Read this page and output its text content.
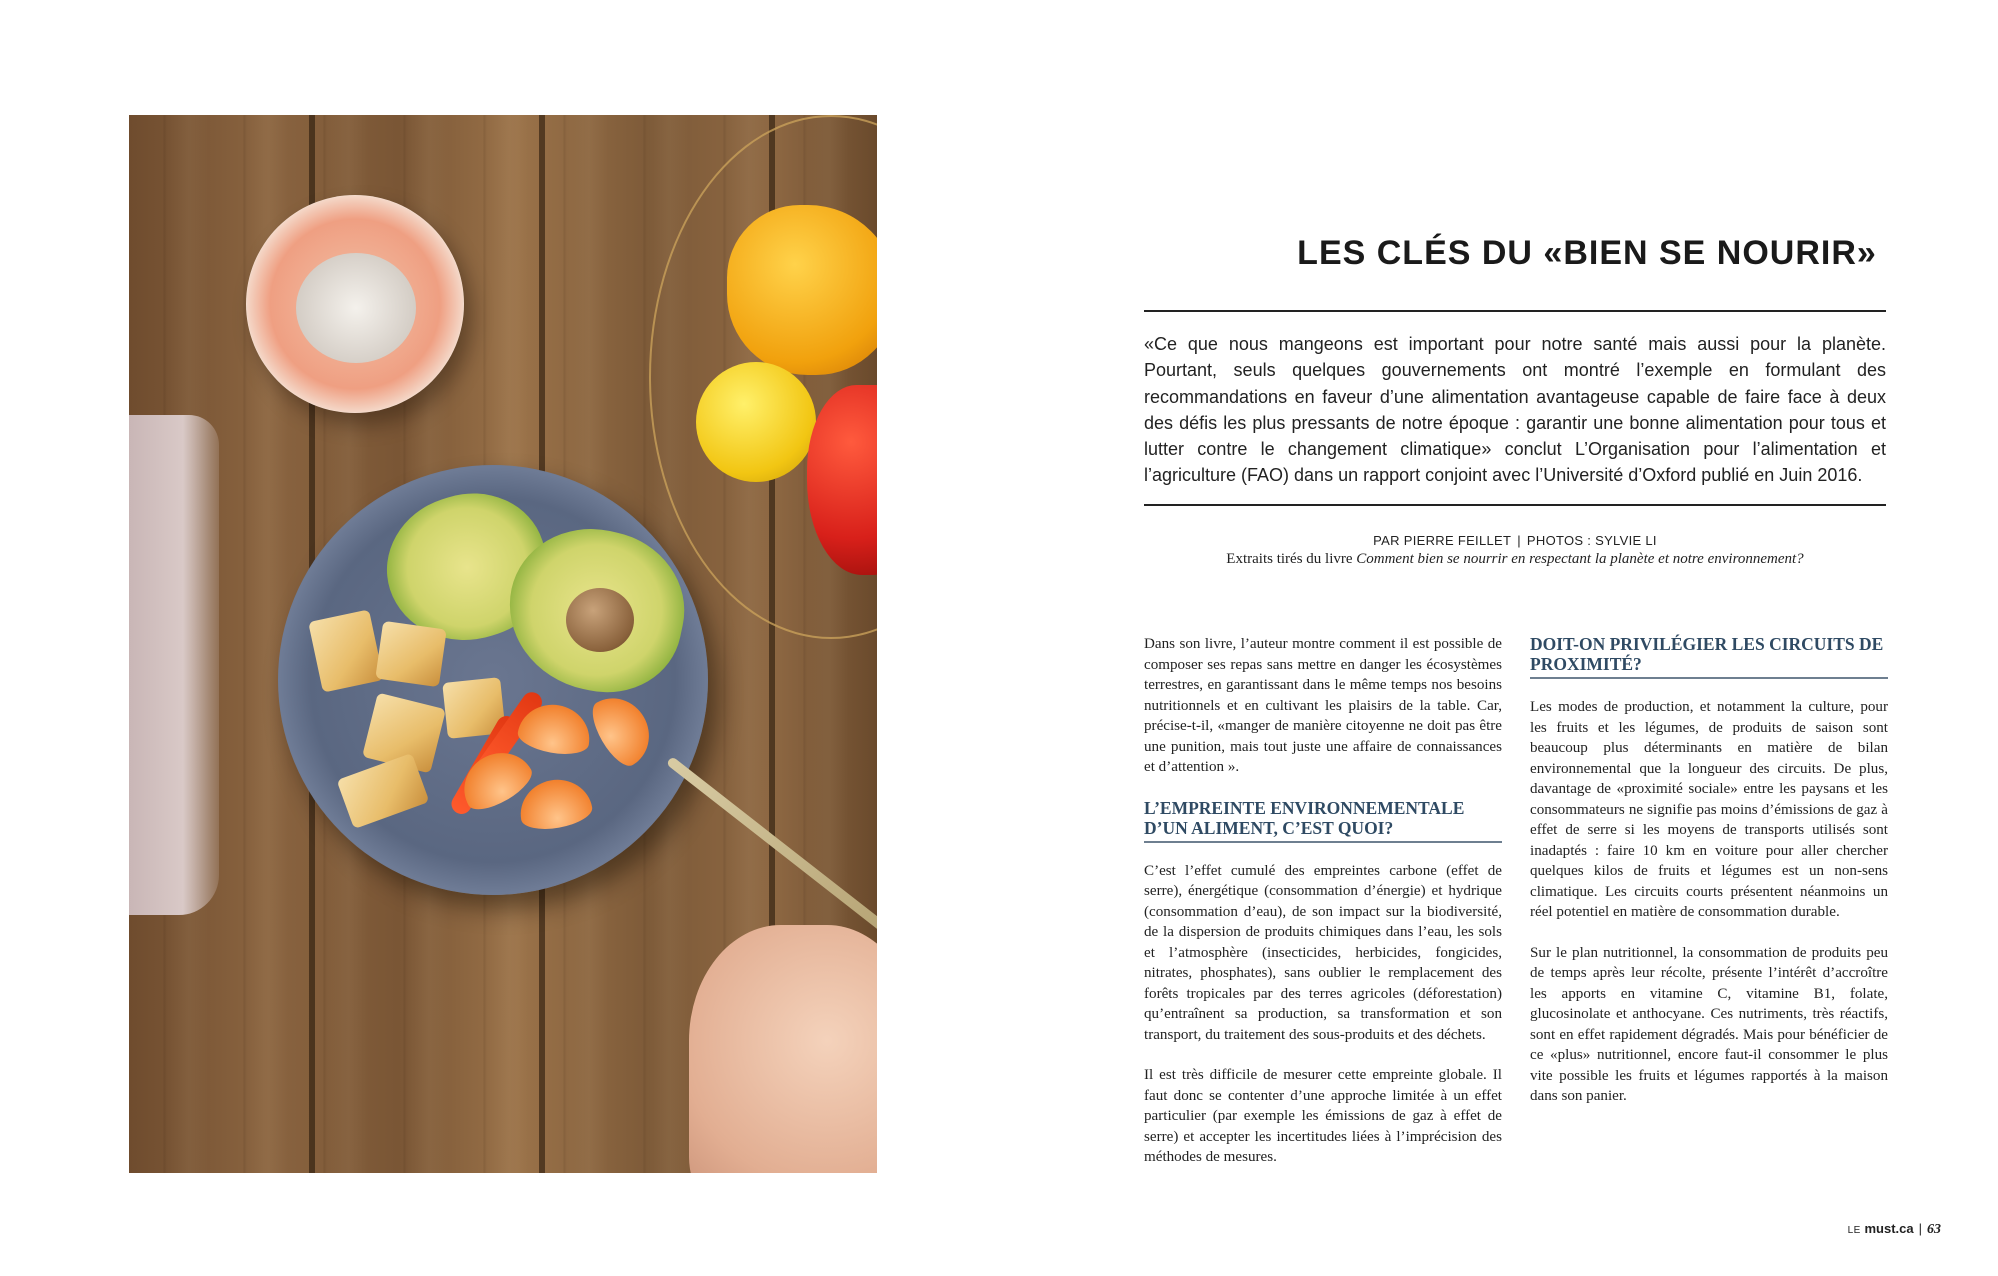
LES CLÉS DU «BIEN SE NOURIR»

«Ce que nous mangeons est important pour notre santé mais aussi pour la planète. Pourtant, seuls quelques gouvernements ont montré l’exemple en formulant des recommandations en faveur d’une alimentation avantageuse capable de faire face à deux des défis les plus pressants de notre époque : garantir une bonne alimentation pour tous et lutter contre le changement climatique» conclut L’Organisation pour l’alimentation et l’agriculture (FAO) dans un rapport conjoint avec l’Université d’Oxford publié en Juin 2016.

PAR PIERRE FEILLET | PHOTOS : SYLVIE LI
Extraits tirés du livre Comment bien se nourrir en respectant la planète et notre environnement?

Dans son livre, l’auteur montre comment il est possible de composer ses repas sans mettre en danger les écosystèmes terrestres, en garantissant dans le même temps nos besoins nutritionnels et en cultivant les plaisirs de la table. Car, précise-t-il, «manger de manière citoyenne ne doit pas être une punition, mais tout juste une affaire de connaissances et d’attention ».

L’EMPREINTE ENVIRONNEMENTALE D’UN ALIMENT, C’EST QUOI?

C’est l’effet cumulé des empreintes carbone (effet de serre), énergétique (consommation d’énergie) et hydrique (consommation d’eau), de son impact sur la biodiversité, de la dispersion de produits chimiques dans l’eau, les sols et l’atmosphère (insecticides, herbicides, fongicides, nitrates, phosphates), sans oublier le remplacement des forêts tropicales par des terres agricoles (déforestation) qu’entraînent sa production, sa transformation et son transport, du traitement des sous-produits et des déchets.

Il est très difficile de mesurer cette empreinte globale. Il faut donc se contenter d’une approche limitée à un effet particulier (par exemple les émissions de gaz à effet de serre) et accepter les incertitudes liées à l’imprécision des méthodes de mesures.

DOIT-ON PRIVILÉGIER LES CIRCUITS DE PROXIMITÉ?

Les modes de production, et notamment la culture, pour les fruits et les légumes, de produits de saison sont beaucoup plus déterminants en matière de bilan environnemental que la longueur des circuits. De plus, davantage de «proximité sociale» entre les paysans et les consommateurs ne signifie pas moins d’émissions de gaz à effet de serre si les moyens de transports utilisés sont inadaptés : faire 10 km en voiture pour aller chercher quelques kilos de fruits et légumes est un non-sens climatique. Les circuits courts présentent néanmoins un réel potentiel en matière de consommation durable.

Sur le plan nutritionnel, la consommation de produits peu de temps après leur récolte, présente l’intérêt d’accroître les apports en vitamine C, vitamine B1, folate, glucosinolate et anthocyane. Ces nutriments, très réactifs, sont en effet rapidement dégradés. Mais pour bénéficier de ce «plus» nutritionnel, encore faut-il consommer le plus vite possible les fruits et légumes rapportés à la maison dans son panier.

LE must.ca | 63
